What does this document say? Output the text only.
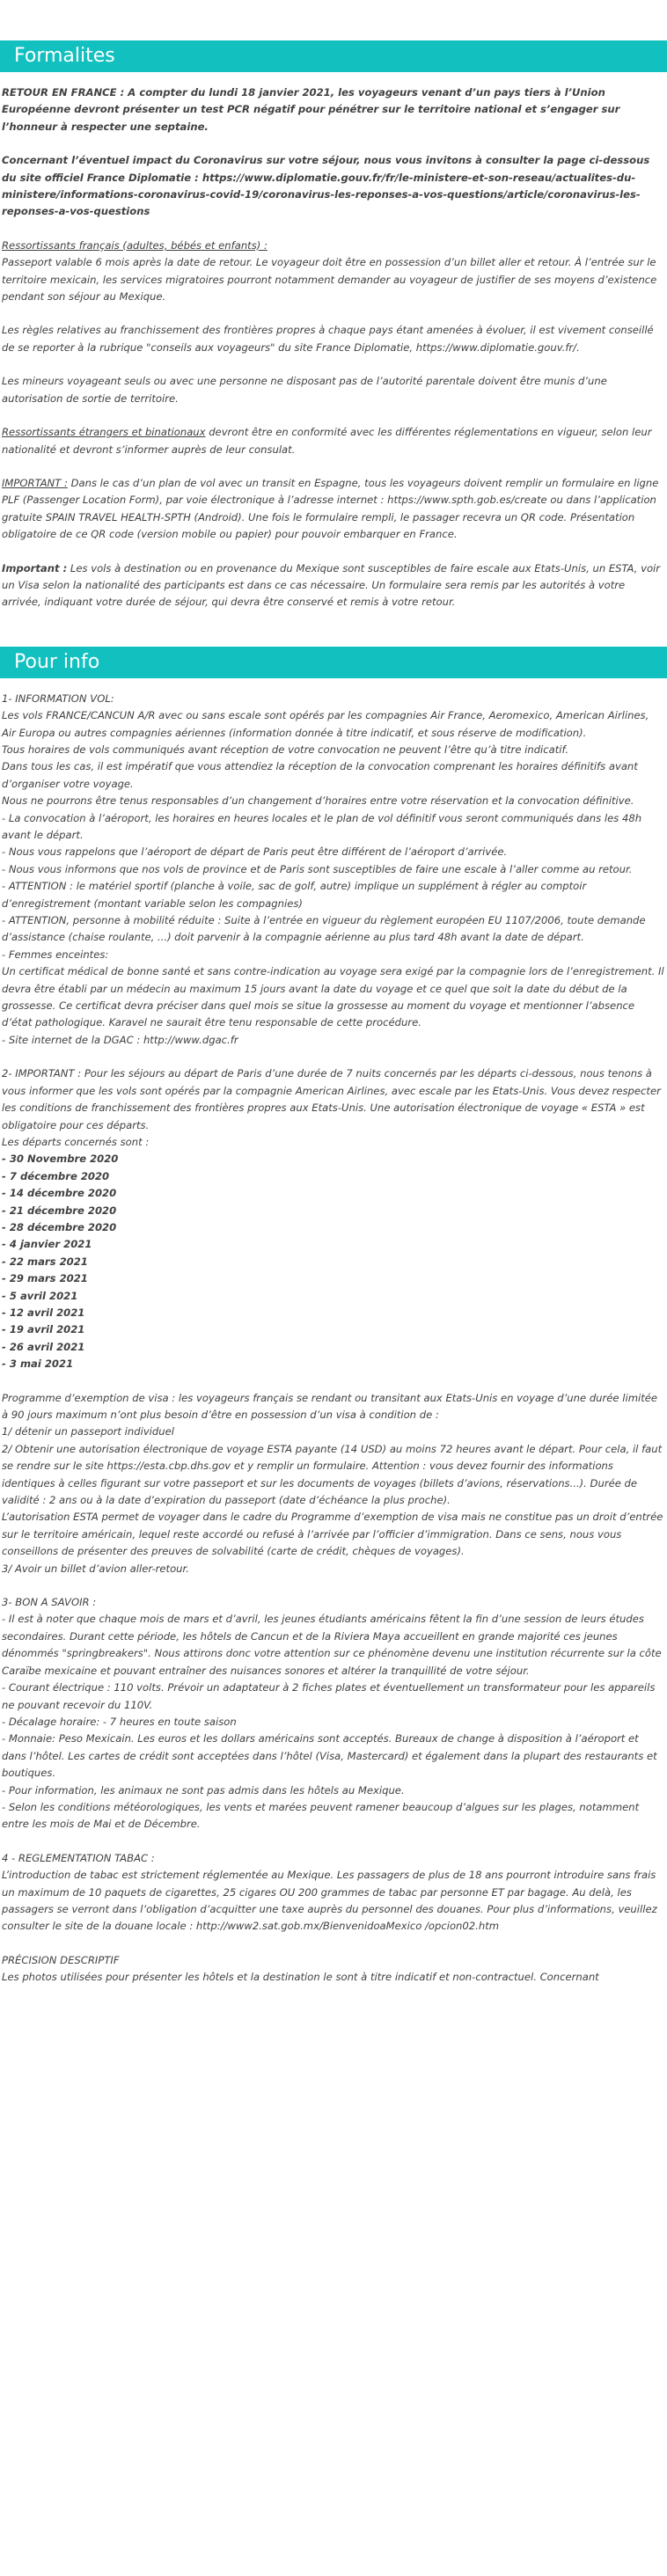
Formalites

RETOUR EN FRANCE : A compter du lundi 18 janvier 2021, les voyageurs venant d’un pays tiers à l’Union Européenne devront présenter un test PCR négatif pour pénétrer sur le territoire national et s’engager sur l’honneur à respecter une septaine.

Concernant l’éventuel impact du Coronavirus sur votre séjour, nous vous invitons à consulter la page ci-dessous du site officiel France Diplomatie : https://www.diplomatie.gouv.fr/fr/le-ministere-et-son-reseau/actualites-du-ministere/informations-coronavirus-covid-19/coronavirus-les-reponses-a-vos-questions/article/coronavirus-les-reponses-a-vos-questions

Ressortissants français (adultes, bébés et enfants) :
Passeport valable 6 mois après la date de retour. Le voyageur doit être en possession d’un billet aller et retour. À l’entrée sur le territoire mexicain, les services migratoires pourront notamment demander au voyageur de justifier de ses moyens d’existence pendant son séjour au Mexique.

Les règles relatives au franchissement des frontières propres à chaque pays étant amenées à évoluer, il est vivement conseillé de se reporter à la rubrique "conseils aux voyageurs" du site France Diplomatie, https://www.diplomatie.gouv.fr/.

Les mineurs voyageant seuls ou avec une personne ne disposant pas de l’autorité parentale doivent être munis d’une autorisation de sortie de territoire.

Ressortissants étrangers et binationaux devront être en conformité avec les différentes réglementations en vigueur, selon leur nationalité et devront s’informer auprès de leur consulat.

IMPORTANT : Dans le cas d’un plan de vol avec un transit en Espagne, tous les voyageurs doivent remplir un formulaire en ligne PLF (Passenger Location Form), par voie électronique à l’adresse internet : https://www.spth.gob.es/create ou dans l’application gratuite SPAIN TRAVEL HEALTH-SPTH (Android). Une fois le formulaire rempli, le passager recevra un QR code. Présentation obligatoire de ce QR code (version mobile ou papier) pour pouvoir embarquer en France.

Important : Les vols à destination ou en provenance du Mexique sont susceptibles de faire escale aux Etats-Unis, un ESTA, voir un Visa selon la nationalité des participants est dans ce cas nécessaire. Un formulaire sera remis par les autorités à votre arrivée, indiquant votre durée de séjour, qui devra être conservé et remis à votre retour.

Pour info
1- INFORMATION VOL:
Les vols FRANCE/CANCUN A/R avec ou sans escale sont opérés par les compagnies Air France, Aeromexico, American Airlines, Air Europa ou autres compagnies aériennes (information donnée à titre indicatif, et sous réserve de modification).
Tous horaires de vols communiqués avant réception de votre convocation ne peuvent l’être qu’à titre indicatif.
Dans tous les cas, il est impératif que vous attendiez la réception de la convocation comprenant les horaires définitifs avant d’organiser votre voyage.
Nous ne pourrons être tenus responsables d’un changement d’horaires entre votre réservation et la convocation définitive.
- La convocation à l’aéroport, les horaires en heures locales et le plan de vol définitif vous seront communiqués dans les 48h avant le départ.
- Nous vous rappelons que l’aéroport de départ de Paris peut être différent de l’aéroport d’arrivée.
- Nous vous informons que nos vols de province et de Paris sont susceptibles de faire une escale à l’aller comme au retour.
- ATTENTION : le matériel sportif (planche à voile, sac de golf, autre) implique un supplément à régler au comptoir d’enregistrement (montant variable selon les compagnies)
- ATTENTION, personne à mobilité réduite : Suite à l’entrée en vigueur du règlement européen EU 1107/2006, toute demande d’assistance (chaise roulante, ...) doit parvenir à la compagnie aérienne au plus tard 48h avant la date de départ.
- Femmes enceintes:
Un certificat médical de bonne santé et sans contre-indication au voyage sera exigé par la compagnie lors de l’enregistrement. Il devra être établi par un médecin au maximum 15 jours avant la date du voyage et ce quel que soit la date du début de la grossesse. Ce certificat devra préciser dans quel mois se situe la grossesse au moment du voyage et mentionner l’absence d’état pathologique. Karavel ne saurait être tenu responsable de cette procédure.
- Site internet de la DGAC : http://www.dgac.fr
2- IMPORTANT : Pour les séjours au départ de Paris d’une durée de 7 nuits concernés par les départs ci-dessous, nous tenons à vous informer que les vols sont opérés par la compagnie American Airlines, avec escale par les Etats-Unis. Vous devez respecter les conditions de franchissement des frontières propres aux Etats-Unis. Une autorisation électronique de voyage « ESTA » est obligatoire pour ces départs.
Les départs concernés sont :
- 30 Novembre 2020
- 7 décembre 2020
- 14 décembre 2020
- 21 décembre 2020
- 28 décembre 2020
- 4 janvier 2021
- 22 mars 2021
- 29 mars 2021
- 5 avril 2021
- 12 avril 2021
- 19 avril 2021
- 26 avril 2021
- 3 mai 2021
Programme d’exemption de visa : les voyageurs français se rendant ou transitant aux Etats-Unis en voyage d’une durée limitée à 90 jours maximum n’ont plus besoin d’être en possession d’un visa à condition de :
1/ détenir un passeport individuel
2/ Obtenir une autorisation électronique de voyage ESTA payante (14 USD) au moins 72 heures avant le départ. Pour cela, il faut se rendre sur le site https://esta.cbp.dhs.gov et y remplir un formulaire. Attention : vous devez fournir des informations identiques à celles figurant sur votre passeport et sur les documents de voyages (billets d’avions, réservations...). Durée de validité : 2 ans ou à la date d’expiration du passeport (date d’échéance la plus proche).
L’autorisation ESTA permet de voyager dans le cadre du Programme d’exemption de visa mais ne constitue pas un droit d’entrée sur le territoire américain, lequel reste accordé ou refusé à l’arrivée par l’officier d’immigration. Dans ce sens, nous vous conseillons de présenter des preuves de solvabilité (carte de crédit, chèques de voyages).
3/ Avoir un billet d’avion aller-retour.
3- BON A SAVOIR :
- Il est à noter que chaque mois de mars et d’avril, les jeunes étudiants américains fêtent la fin d’une session de leurs études secondaires. Durant cette période, les hôtels de Cancun et de la Riviera Maya accueillent en grande majorité ces jeunes dénommés "springbreakers". Nous attirons donc votre attention sur ce phénomène devenu une institution récurrente sur la côte Caraïbe mexicaine et pouvant entraîner des nuisances sonores et altérer la tranquillité de votre séjour.
- Courant électrique : 110 volts. Prévoir un adaptateur à 2 fiches plates et éventuellement un transformateur pour les appareils ne pouvant recevoir du 110V.
- Décalage horaire: - 7 heures en toute saison
- Monnaie: Peso Mexicain. Les euros et les dollars américains sont acceptés. Bureaux de change à disposition à l’aéroport et dans l’hôtel. Les cartes de crédit sont acceptées dans l’hôtel (Visa, Mastercard) et également dans la plupart des restaurants et boutiques.
- Pour information, les animaux ne sont pas admis dans les hôtels au Mexique.
- Selon les conditions météorologiques, les vents et marées peuvent ramener beaucoup d’algues sur les plages, notamment entre les mois de Mai et de Décembre.
4 - REGLEMENTATION TABAC :
L’introduction de tabac est strictement réglementée au Mexique. Les passagers de plus de 18 ans pourront introduire sans frais un maximum de 10 paquets de cigarettes, 25 cigares OU 200 grammes de tabac par personne ET par bagage. Au delà, les passagers se verront dans l’obligation d’acquitter une taxe auprès du personnel des douanes. Pour plus d’informations, veuillez consulter le site de la douane locale : http://www2.sat.gob.mx/BienvenidoaMexico /opcion02.htm
PRÉCISION DESCRIPTIF
Les photos utilisées pour présenter les hôtels et la destination le sont à titre indicatif et non-contractuel. Concernant
